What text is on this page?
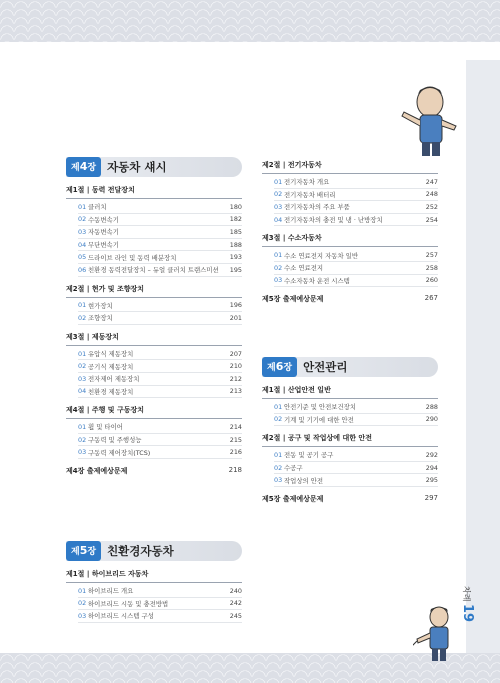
제4장 자동차 섀시
제1절 | 동력 전달장치
01 클러치	180
02 수동변속기	182
03 자동변속기	185
04 무단변속기	188
05 드라이브 라인 및 동력 배분장치	193
06 친환경 동력전달장치 – 듀얼 클러치 트랜스미션	195
제2절 | 현가 및 조향장치
01 현가장치	196
02 조향장치	201
제3절 | 제동장치
01 유압식 제동장치	207
02 공기식 제동장치	210
03 전자제어 제동장치	212
04 친환경 제동장치	213
제4절 | 주행 및 구동장치
01 휠 및 타이어	214
02 구동력 및 주행성능	215
03 구동력 제어장치(TCS)	216
제4장 출제예상문제	218
제5장 친환경자동차
제1절 | 하이브리드 자동차
01 하이브리드 개요	240
02 하이브리드 시동 및 충전방법	242
03 하이브리드 시스템 구성	245
제2절 | 전기자동차
01 전기자동차 개요	247
02 전기자동차 배터리	248
03 전기자동차의 주요 부품	252
04 전기자동차의 충전 및 냉 · 난방장치	254
제3절 | 수소자동차
01 수소 연료전지 자동차 일반	257
02 수소 연료전지	258
03 수소자동차 운전 시스템	260
제5장 출제예상문제	267
제6장 안전관리
제1절 | 산업안전 일반
01 안전기준 및 안전보건장치	288
02 기계 및 기기에 대한 안전	290
제2절 | 공구 및 작업상에 대한 안전
01 전동 및 공기 공구	292
02 수공구	294
03 작업상의 안전	295
제5장 출제예상문제	297
차례 19
